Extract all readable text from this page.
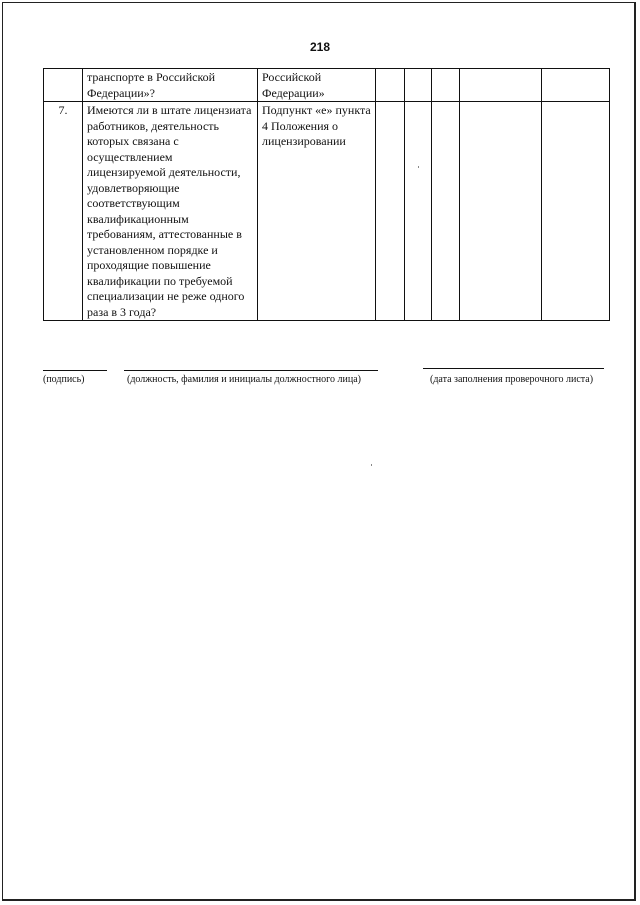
218
	транспорте в Российской Федерации»?	Российской Федерации»					
7.	Имеются ли в штате лицензиата работников, деятельность которых связана с осуществлением лицензируемой деятельности, удовлетворяющие соответствующим квалификационным требованиям, аттестованные в установленном порядке и проходящие повышение квалификации по требуемой специализации не реже одного раза в 3 года?	Подпункт «е» пункта 4 Положения о лицензировании					
(подпись)	(должность, фамилия и инициалы должностного лица)	(дата заполнения проверочного листа)
